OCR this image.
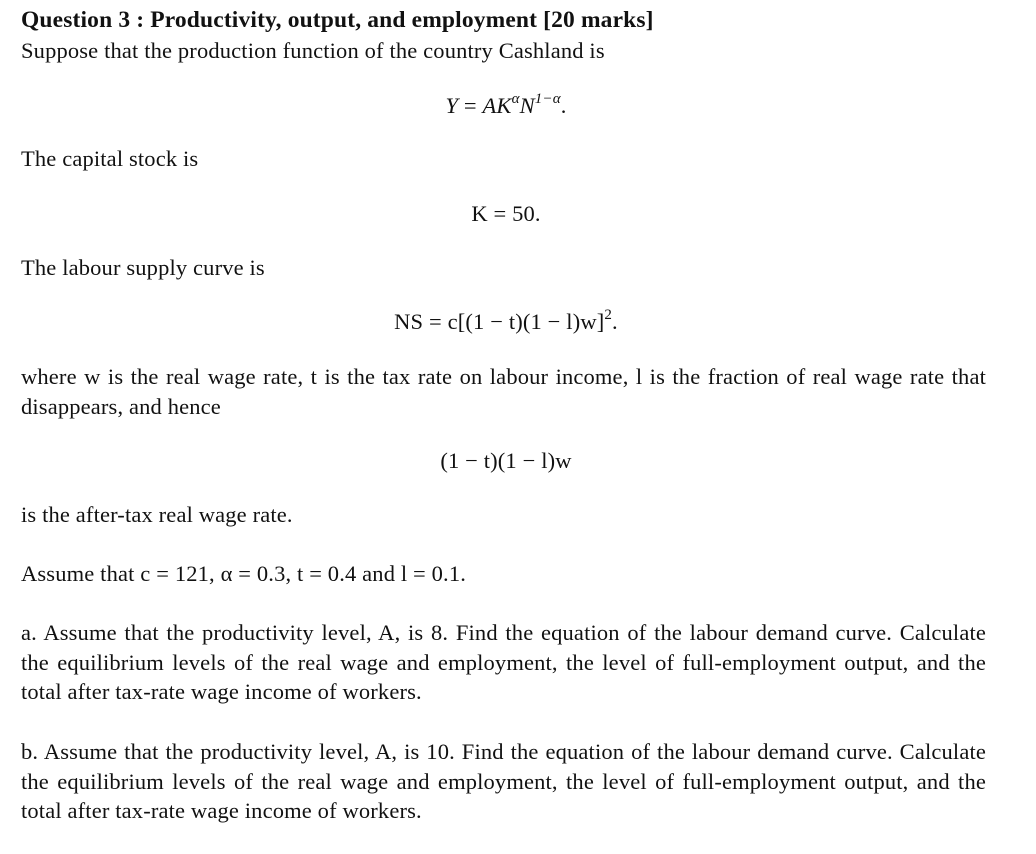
Question 3 : Productivity, output, and employment [20 marks]
Suppose that the production function of the country Cashland is
$Y = AK^\alpha N^{1-\alpha}$.
The capital stock is
K = 50.
The labour supply curve is
NS = $c[(1 - t)(1 - l)w]^2$.
where w is the real wage rate, t is the tax rate on labour income, l is the fraction of real wage rate that disappears, and hence
(1 − t)(1 − l)w
is the after-tax real wage rate.
Assume that c = 121, α = 0.3, t = 0.4 and l = 0.1.
a. Assume that the productivity level, A, is 8. Find the equation of the labour demand curve. Calculate the equilibrium levels of the real wage and employment, the level of full-employment output, and the total after tax-rate wage income of workers.
b. Assume that the productivity level, A, is 10. Find the equation of the labour demand curve. Calculate the equilibrium levels of the real wage and employment, the level of full-employment output, and the total after tax-rate wage income of workers.
